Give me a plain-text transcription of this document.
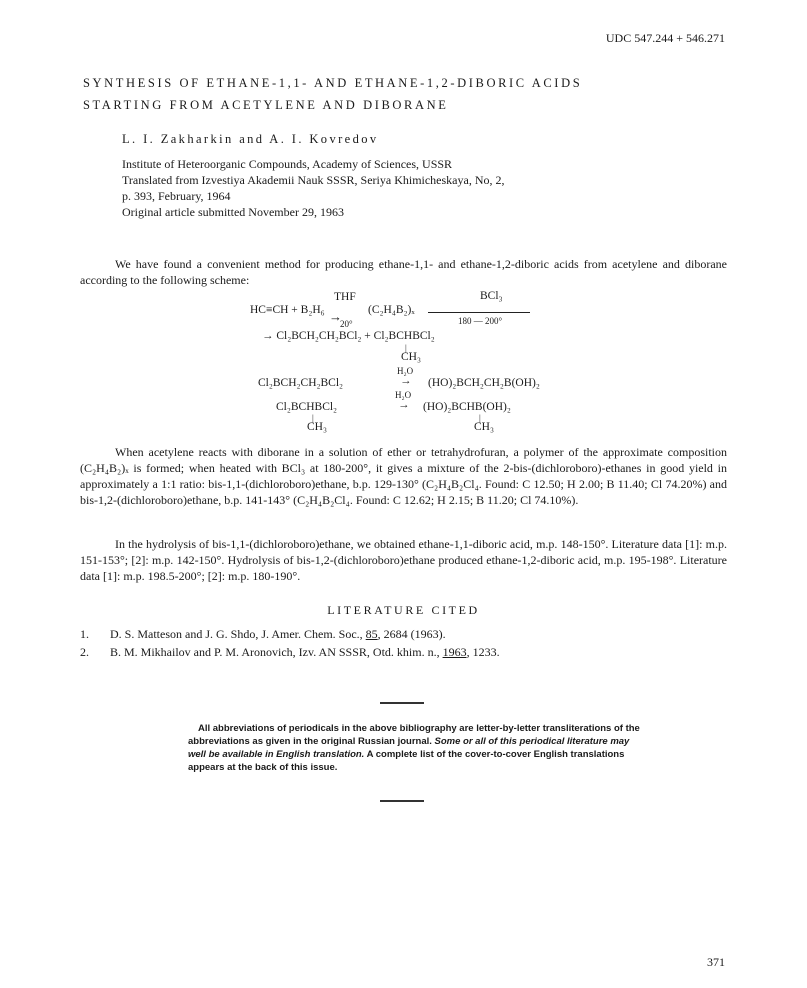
UDC 547.244 + 546.271
SYNTHESIS OF ETHANE-1,1- AND ETHANE-1,2-DIBORIC ACIDS
STARTING FROM ACETYLENE AND DIBORANE
L. I. Zakharkin and A. I. Kovredov
Institute of Heteroorganic Compounds, Academy of Sciences, USSR
Translated from Izvestiya Akademii Nauk SSSR, Seriya Khimicheskaya, No, 2,
p. 393, February, 1964
Original article submitted November 29, 1963

We have found a convenient method for producing ethane-1,1- and ethane-1,2-diboric acids from acetylene and diborane according to the following scheme:

HC≡CH + B₂H₆
THF
→
20°
(C₂H₄B₂)ₓ
BCl₃
180 — 200°
→ Cl₂BCH₂CH₂BCl₂ + Cl₂BCHBCl₂
|
CH₃
H₂O
Cl₂BCH₂CH₂BCl₂	→ (HO)₂BCH₂CH₂B(OH)₂
H₂O
Cl₂BCHBCl₂	→ (HO)₂BCHB(OH)₂
|
CH₃
|
CH₃

When acetylene reacts with diborane in a solution of ether or tetrahydrofuran, a polymer of the approximate composition (C₂H₄B₂)ₓ is formed; when heated with BCl₃ at 180-200°, it gives a mixture of the 2-bis-(dichloroboro)-ethanes in good yield in approximately a 1:1 ratio: bis-1,1-(dichloroboro)ethane, b.p. 129-130° (C₂H₄B₂Cl₄. Found: C 12.50; H 2.00; B 11.40; Cl 74.20%) and bis-1,2-(dichloroboro)ethane, b.p. 141-143° (C₂H₄B₂Cl₄. Found: C 12.62; H 2.15; B 11.20; Cl 74.10%).

In the hydrolysis of bis-1,1-(dichloroboro)ethane, we obtained ethane-1,1-diboric acid, m.p. 148-150°. Literature data [1]: m.p. 151-153°; [2]: m.p. 142-150°. Hydrolysis of bis-1,2-(dichloroboro)ethane produced ethane-1,2-diboric acid, m.p. 195-198°. Literature data [1]: m.p. 198.5-200°; [2]: m.p. 180-190°.

LITERATURE CITED
1. D. S. Matteson and J. G. Shdo, J. Amer. Chem. Soc., 85, 2684 (1963).
2. B. M. Mikhailov and P. M. Aronovich, Izv. AN SSSR, Otd. khim. n., 1963, 1233.

All abbreviations of periodicals in the above bibliography are letter-by-letter transliterations of the abbreviations as given in the original Russian journal. Some or all of this periodical literature may well be available in English translation. A complete list of the cover-to-cover English translations appears at the back of this issue.

371
